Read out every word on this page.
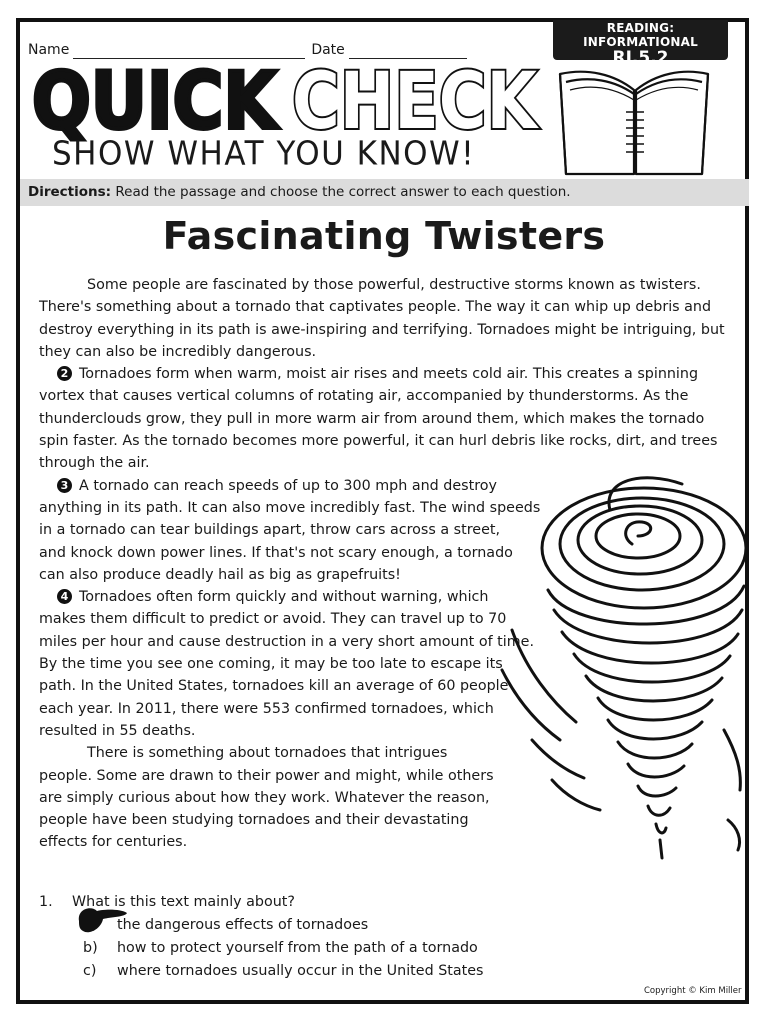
Name	Date
READING: INFORMATIONAL
RI.5.2
QUICK CHECK
SHOW WHAT YOU KNOW!
Directions: Read the passage and choose the correct answer to each question.
Fascinating Twisters

Some people are fascinated by those powerful, destructive storms known as twisters.
There's something about a tornado that captivates people. The way it can whip up debris and
destroy everything in its path is awe-inspiring and terrifying. Tornadoes might be intriguing, but
they can also be incredibly dangerous.

2 Tornadoes form when warm, moist air rises and meets cold air. This creates a spinning
vortex that causes vertical columns of rotating air, accompanied by thunderstorms. As the
thunderclouds grow, they pull in more warm air from around them, which makes the tornado
spin faster. As the tornado becomes more powerful, it can hurl debris like rocks, dirt, and trees
through the air.

3 A tornado can reach speeds of up to 300 mph and destroy
anything in its path. It can also move incredibly fast. The wind speeds
in a tornado can tear buildings apart, throw cars across a street,
and knock down power lines. If that's not scary enough, a tornado
can also produce deadly hail as big as grapefruits!

4 Tornadoes often form quickly and without warning, which
makes them difficult to predict or avoid. They can travel up to 70
miles per hour and cause destruction in a very short amount of time.
By the time you see one coming, it may be too late to escape its
path. In the United States, tornadoes kill an average of 60 people
each year. In 2011, there were 553 confirmed tornadoes, which
resulted in 55 deaths.

There is something about tornadoes that intrigues
people. Some are drawn to their power and might, while others
are simply curious about how they work. Whatever the reason,
people have been studying tornadoes and their devastating
effects for centuries.

1.	What is this text mainly about?
the dangerous effects of tornadoes
b)	how to protect yourself from the path of a tornado
c)	where tornadoes usually occur in the United States
Copyright © Kim Miller
